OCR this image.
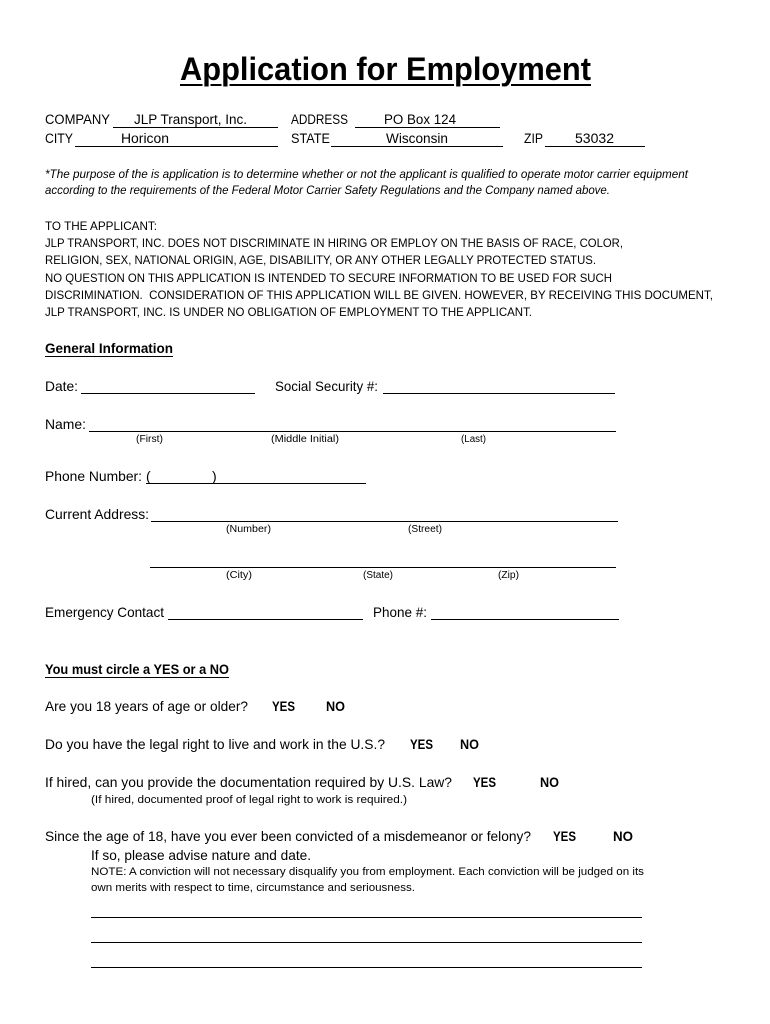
Application for Employment
COMPANY JLP Transport, Inc.	ADDRESS	PO Box 124
CITY	Horicon	STATE	Wisconsin	ZIP 53032
*The purpose of the is application is to determine whether or not the applicant is qualified to operate motor carrier equipment
according to the requirements of the Federal Motor Carrier Safety Regulations and the Company named above.
TO THE APPLICANT:
JLP TRANSPORT, INC. DOES NOT DISCRIMINATE IN HIRING OR EMPLOY ON THE BASIS OF RACE, COLOR,
RELIGION, SEX, NATIONAL ORIGIN, AGE, DISABILITY, OR ANY OTHER LEGALLY PROTECTED STATUS.
NO QUESTION ON THIS APPLICATION IS INTENDED TO SECURE INFORMATION TO BE USED FOR SUCH
DISCRIMINATION.  CONSIDERATION OF THIS APPLICATION WILL BE GIVEN. HOWEVER, BY RECEIVING THIS DOCUMENT,
JLP TRANSPORT, INC. IS UNDER NO OBLIGATION OF EMPLOYMENT TO THE APPLICANT.
General Information
Date:	Social Security #:
Name:
(First)	(Middle Initial)	(Last)
Phone Number: (	)
Current Address:
(Number)	(Street)
(City)	(State)	(Zip)
Emergency Contact	Phone #:
You must circle a YES or a NO
Are you 18 years of age or older? YES NO
Do you have the legal right to live and work in the U.S.? YES NO
If hired, can you provide the documentation required by U.S. Law? YES	NO
(If hired, documented proof of legal right to work is required.)
Since the age of 18, have you ever been convicted of a misdemeanor or felony? YES	NO
If so, please advise nature and date.
NOTE: A conviction will not necessary disqualify you from employment. Each conviction will be judged on its
own merits with respect to time, circumstance and seriousness.
